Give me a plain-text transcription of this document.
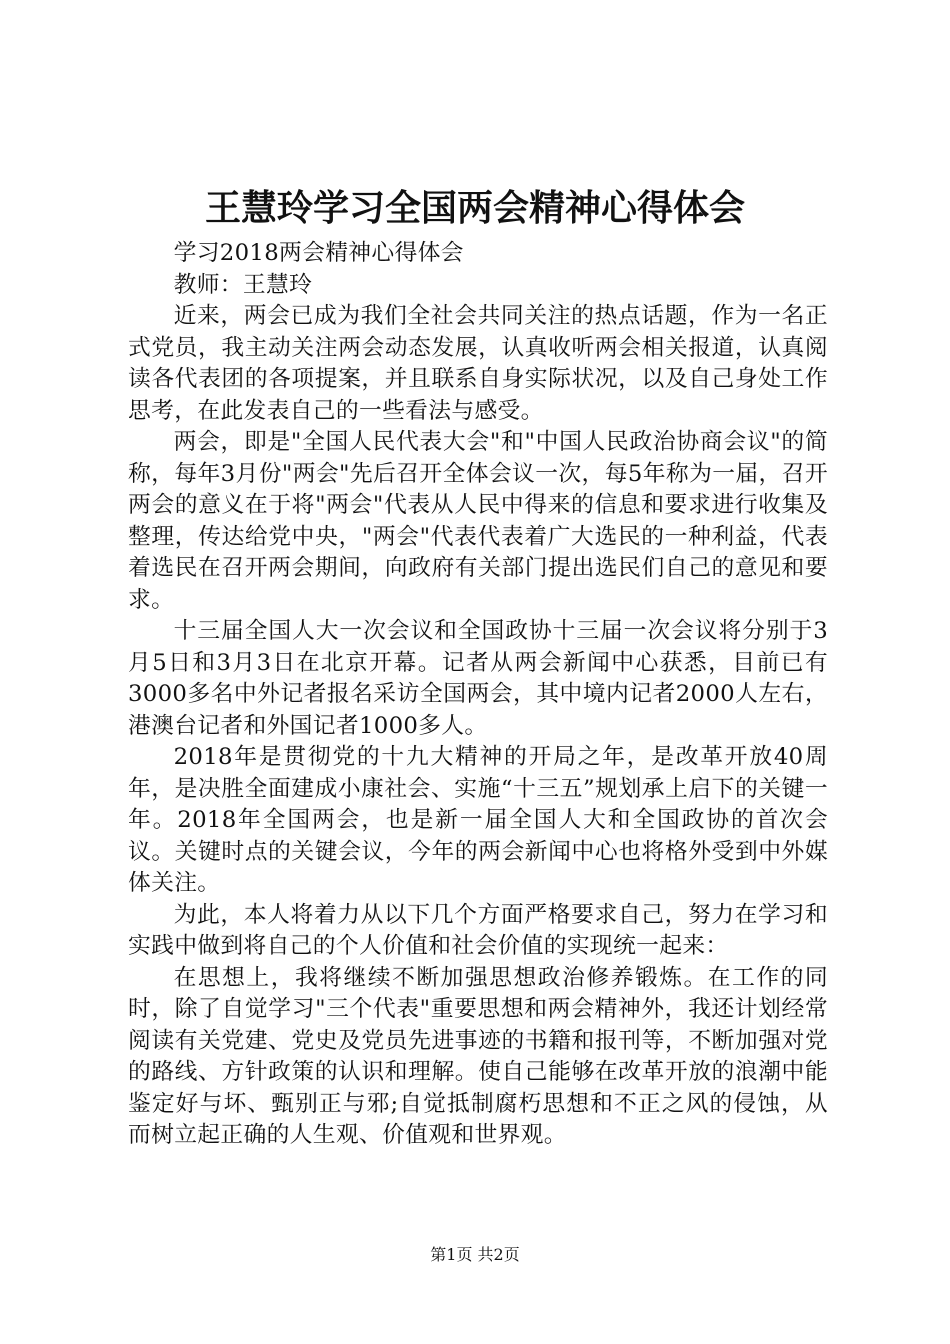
王慧玲学习全国两会精神心得体会

学习2018两会精神心得体会

教师：王慧玲

近来，两会已成为我们全社会共同关注的热点话题，作为一名正式党员，我主动关注两会动态发展，认真收听两会相关报道，认真阅读各代表团的各项提案，并且联系自身实际状况，以及自己身处工作思考，在此发表自己的一些看法与感受。

两会，即是"全国人民代表大会"和"中国人民政治协商会议"的简称，每年3月份"两会"先后召开全体会议一次，每5年称为一届，召开两会的意义在于将"两会"代表从人民中得来的信息和要求进行收集及整理，传达给党中央，"两会"代表代表着广大选民的一种利益，代表着选民在召开两会期间，向政府有关部门提出选民们自己的意见和要求。

十三届全国人大一次会议和全国政协十三届一次会议将分别于3月5日和3月3日在北京开幕。记者从两会新闻中心获悉，目前已有3000多名中外记者报名采访全国两会，其中境内记者2000人左右，港澳台记者和外国记者1000多人。

2018年是贯彻党的十九大精神的开局之年，是改革开放40周年，是决胜全面建成小康社会、实施“十三五”规划承上启下的关键一年。2018年全国两会，也是新一届全国人大和全国政协的首次会议。关键时点的关键会议，今年的两会新闻中心也将格外受到中外媒体关注。

为此，本人将着力从以下几个方面严格要求自己，努力在学习和实践中做到将自己的个人价值和社会价值的实现统一起来：

在思想上，我将继续不断加强思想政治修养锻炼。在工作的同时，除了自觉学习"三个代表"重要思想和两会精神外，我还计划经常阅读有关党建、党史及党员先进事迹的书籍和报刊等，不断加强对党的路线、方针政策的认识和理解。使自己能够在改革开放的浪潮中能鉴定好与坏、甄别正与邪;自觉抵制腐朽思想和不正之风的侵蚀，从而树立起正确的人生观、价值观和世界观。

第1页 共2页
